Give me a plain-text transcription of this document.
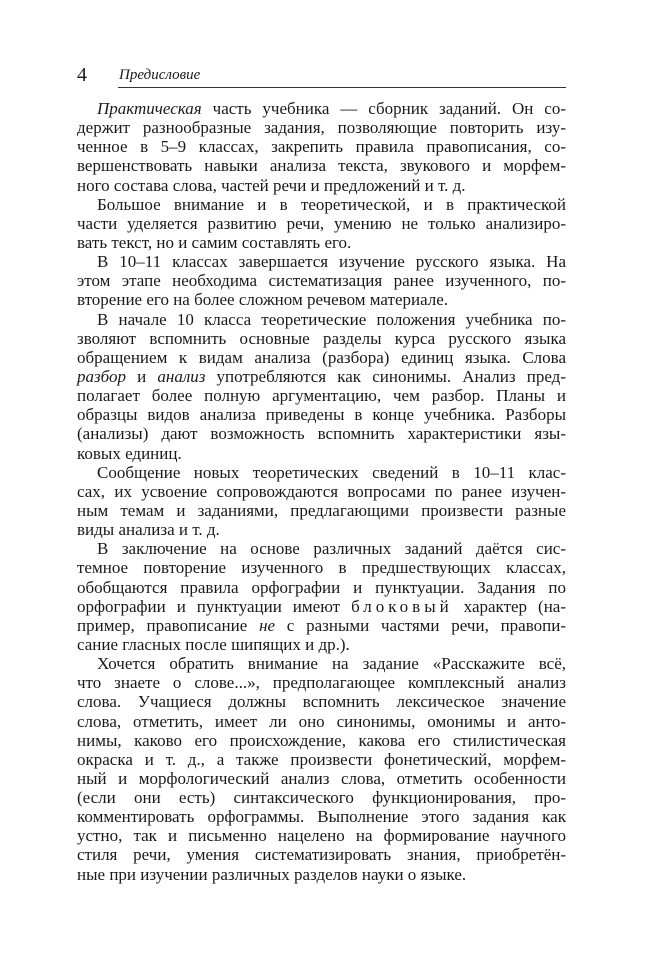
4 Предисловие
Практическая часть учебника — сборник заданий. Он со-
держит разнообразные задания, позволяющие повторить изу-
ченное в 5–9 классах, закрепить правила правописания, со-
вершенствовать навыки анализа текста, звукового и морфем-
ного состава слова, частей речи и предложений и т. д.
Большое внимание и в теоретической, и в практической
части уделяется развитию речи, умению не только анализиро-
вать текст, но и самим составлять его.
В 10–11 классах завершается изучение русского языка. На
этом этапе необходима систематизация ранее изученного, по-
вторение его на более сложном речевом материале.
В начале 10 класса теоретические положения учебника по-
зволяют вспомнить основные разделы курса русского языка
обращением к видам анализа (разбора) единиц языка. Слова
разбор и анализ употребляются как синонимы. Анализ пред-
полагает более полную аргументацию, чем разбор. Планы и
образцы видов анализа приведены в конце учебника. Разборы
(анализы) дают возможность вспомнить характеристики язы-
ковых единиц.
Сообщение новых теоретических сведений в 10–11 клас-
сах, их усвоение сопровождаются вопросами по ранее изучен-
ным темам и заданиями, предлагающими произвести разные
виды анализа и т. д.
В заключение на основе различных заданий даётся сис-
темное повторение изученного в предшествующих классах,
обобщаются правила орфографии и пунктуации. Задания по
орфографии и пунктуации имеют блоковый характер (на-
пример, правописание не с разными частями речи, правопи-
сание гласных после шипящих и др.).
Хочется обратить внимание на задание «Расскажите всё,
что знаете о слове...», предполагающее комплексный анализ
слова. Учащиеся должны вспомнить лексическое значение
слова, отметить, имеет ли оно синонимы, омонимы и анто-
нимы, каково его происхождение, какова его стилистическая
окраска и т. д., а также произвести фонетический, морфем-
ный и морфологический анализ слова, отметить особенности
(если они есть) синтаксического функционирования, про-
комментировать орфограммы. Выполнение этого задания как
устно, так и письменно нацелено на формирование научного
стиля речи, умения систематизировать знания, приобретён-
ные при изучении различных разделов науки о языке.
